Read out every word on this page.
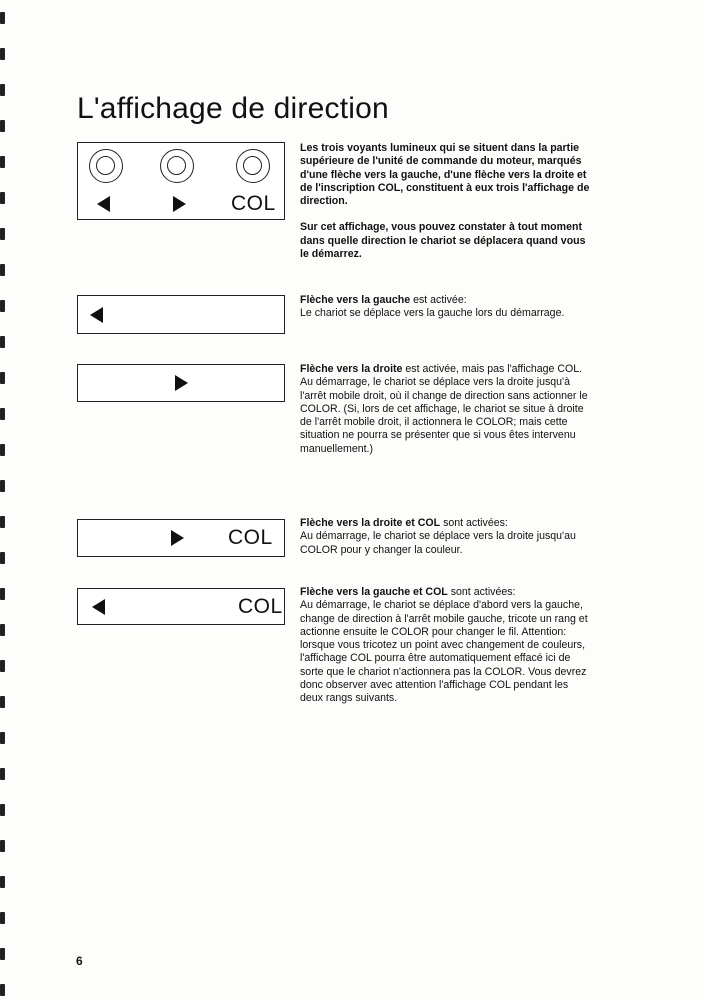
L'affichage de direction
COL

Les trois voyants lumineux qui se situent dans la partie supérieure de l'unité de commande du moteur, marqués d'une flèche vers la gauche, d'une flèche vers la droite et de l'inscription COL, constituent à eux trois l'affichage de direction.

Sur cet affichage, vous pouvez constater à tout moment dans quelle direction le chariot se déplacera quand vous le démarrez.

Flèche vers la gauche est activée:

Le chariot se déplace vers la gauche lors du démarrage.

Flèche vers la droite est activée, mais pas l'affichage COL.

Au démarrage, le chariot se déplace vers la droite jusqu'à l'arrêt mobile droit, où il change de direction sans actionner le COLOR. (Si, lors de cet affichage, le chariot se situe à droite de l'arrêt mobile droit, il actionnera le COLOR; mais cette situation ne pourra se présenter que si vous êtes intervenu manuellement.)

COL

Flèche vers la droite et COL sont activées:

Au démarrage, le chariot se déplace vers la droite jusqu'au COLOR pour y changer la couleur.

COL

Flèche vers la gauche et COL sont activées:

Au démarrage, le chariot se déplace d'abord vers la gauche, change de direction à l'arrêt mobile gauche, tricote un rang et actionne ensuite le COLOR pour changer le fil. Attention: lorsque vous tricotez un point avec changement de couleurs, l'affichage COL pourra être automatiquement effacé ici de sorte que le chariot n'actionnera pas la COLOR. Vous devrez donc observer avec attention l'affichage COL pendant les deux rangs suivants.

6
